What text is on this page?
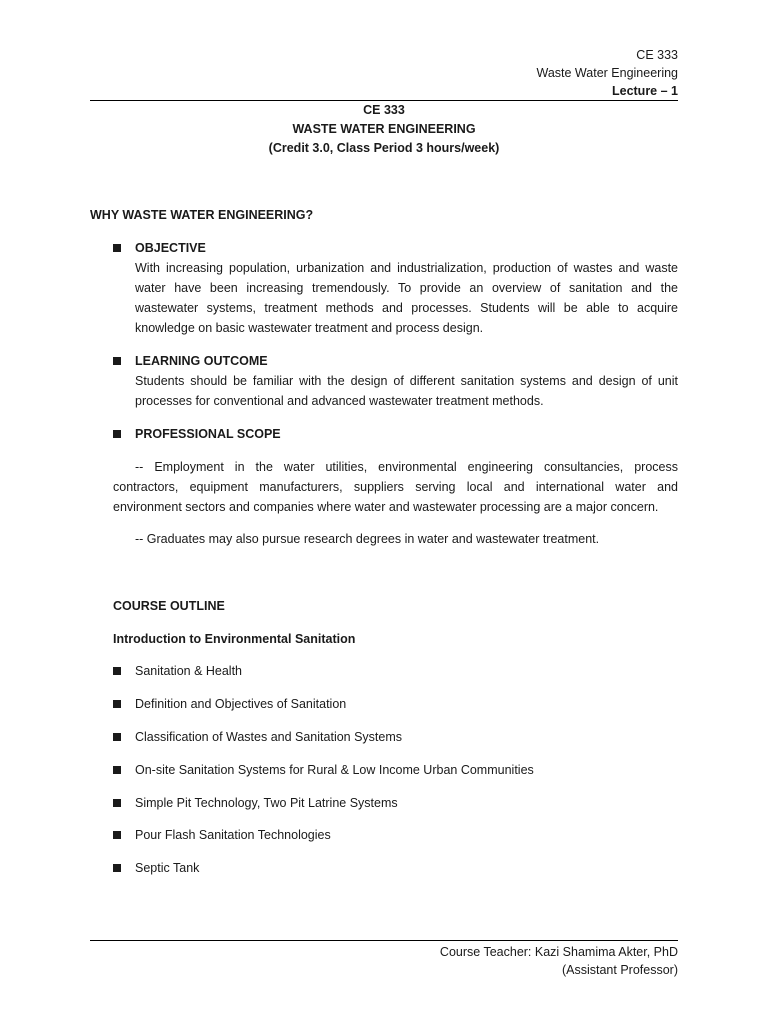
CE 333
Waste Water Engineering
Lecture – 1
CE 333
WASTE WATER ENGINEERING
(Credit 3.0, Class Period 3 hours/week)
WHY WASTE WATER ENGINEERING?
OBJECTIVE
With increasing population, urbanization and industrialization, production of wastes and waste water have been increasing tremendously. To provide an overview of sanitation and the wastewater systems, treatment methods and processes. Students will be able to acquire knowledge on basic wastewater treatment and process design.
LEARNING OUTCOME
Students should be familiar with the design of different sanitation systems and design of unit processes for conventional and advanced wastewater treatment methods.
PROFESSIONAL SCOPE
-- Employment in the water utilities, environmental engineering consultancies, process contractors, equipment manufacturers, suppliers serving local and international water and environment sectors and companies where water and wastewater processing are a major concern.
-- Graduates may also pursue research degrees in water and wastewater treatment.
COURSE OUTLINE
Introduction to Environmental Sanitation
Sanitation & Health
Definition and Objectives of Sanitation
Classification of Wastes and Sanitation Systems
On-site Sanitation Systems for Rural & Low Income Urban Communities
Simple Pit Technology, Two Pit Latrine Systems
Pour Flash Sanitation Technologies
Septic Tank
Course Teacher: Kazi Shamima Akter, PhD
(Assistant Professor)
